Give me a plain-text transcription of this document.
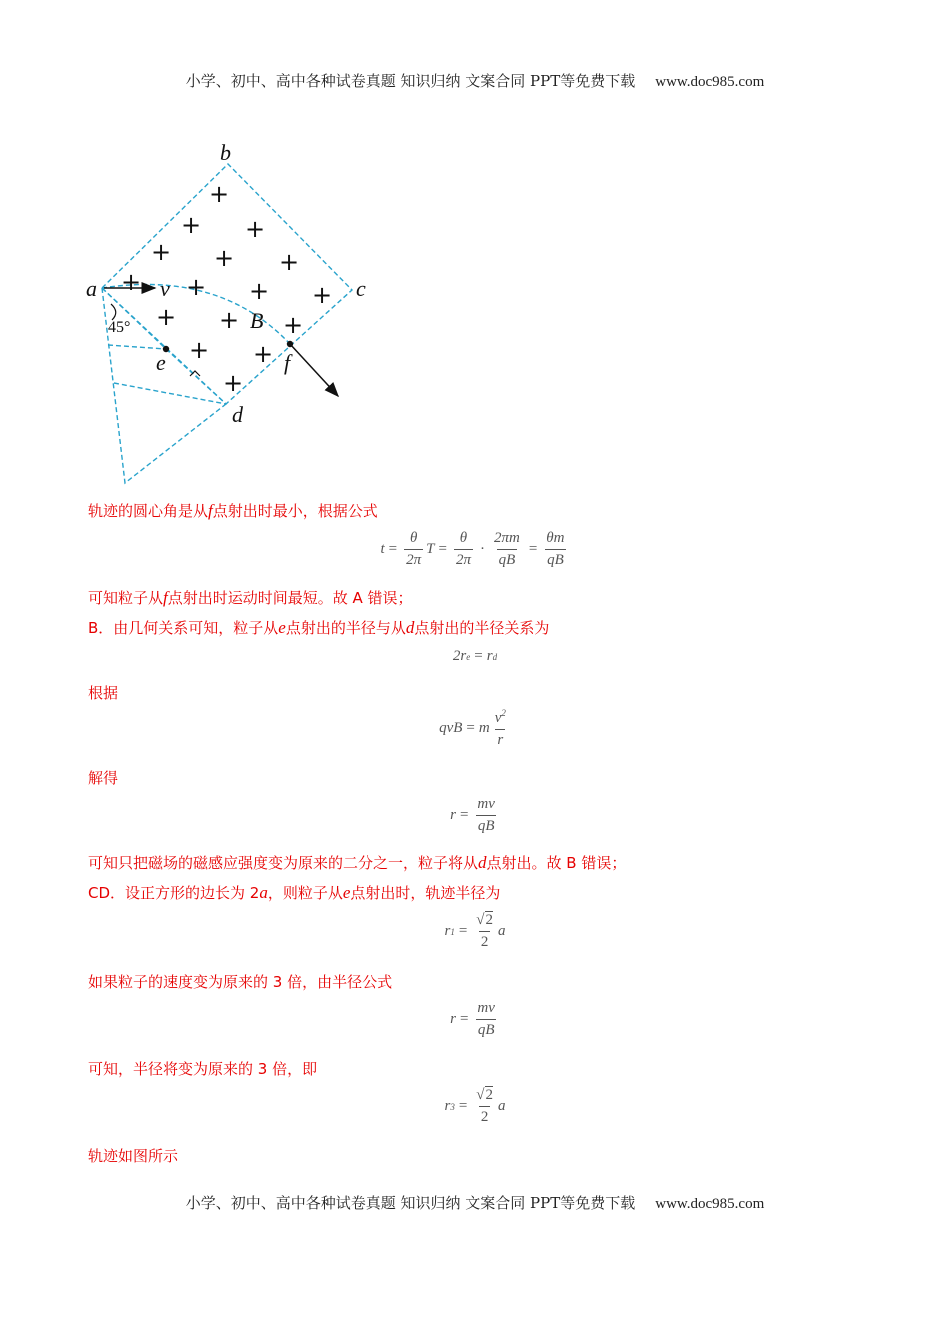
小学、初中、高中各种试卷真题 知识归纳 文案合同 PPT等免费下载 www.doc985.com
+
+ +
+ + +
+ + + +
+ + +
+ +
+
a
b
c
d
e	f
v
B
45°
轨迹的圆心角是从f点射出时最小，根据公式
$t = \frac{\theta}{2\pi}$ $T = \frac{\theta}{2\pi} \cdot \frac{2\pi m}{qB} = \frac{\theta m}{qB}$
可知粒子从f点射出时运动时间最短。故 A 错误；
B．由几何关系可知，粒子从e点射出的半径与从d点射出的半径关系为
2r e = r d
根据
qvB = m $\frac{v^2}{r}$
解得
$r = \frac{mv}{qB}$
可知只把磁场的磁感应强度变为原来的二分之一，粒子将从d点射出。故 B 错误；
CD．设正方形的边长为 2a，则粒子从e点射出时，轨迹半径为
r $1 = \frac{√2}{2}$ a
如果粒子的速度变为原来的 3 倍，由半径公式
$r = \frac{mv}{qB}$
可知，半径将变为原来的 3 倍，即
r $3 = \frac{√2}{2}$ a
轨迹如图所示
小学、初中、高中各种试卷真题 知识归纳 文案合同 PPT等免费下载 www.doc985.com
